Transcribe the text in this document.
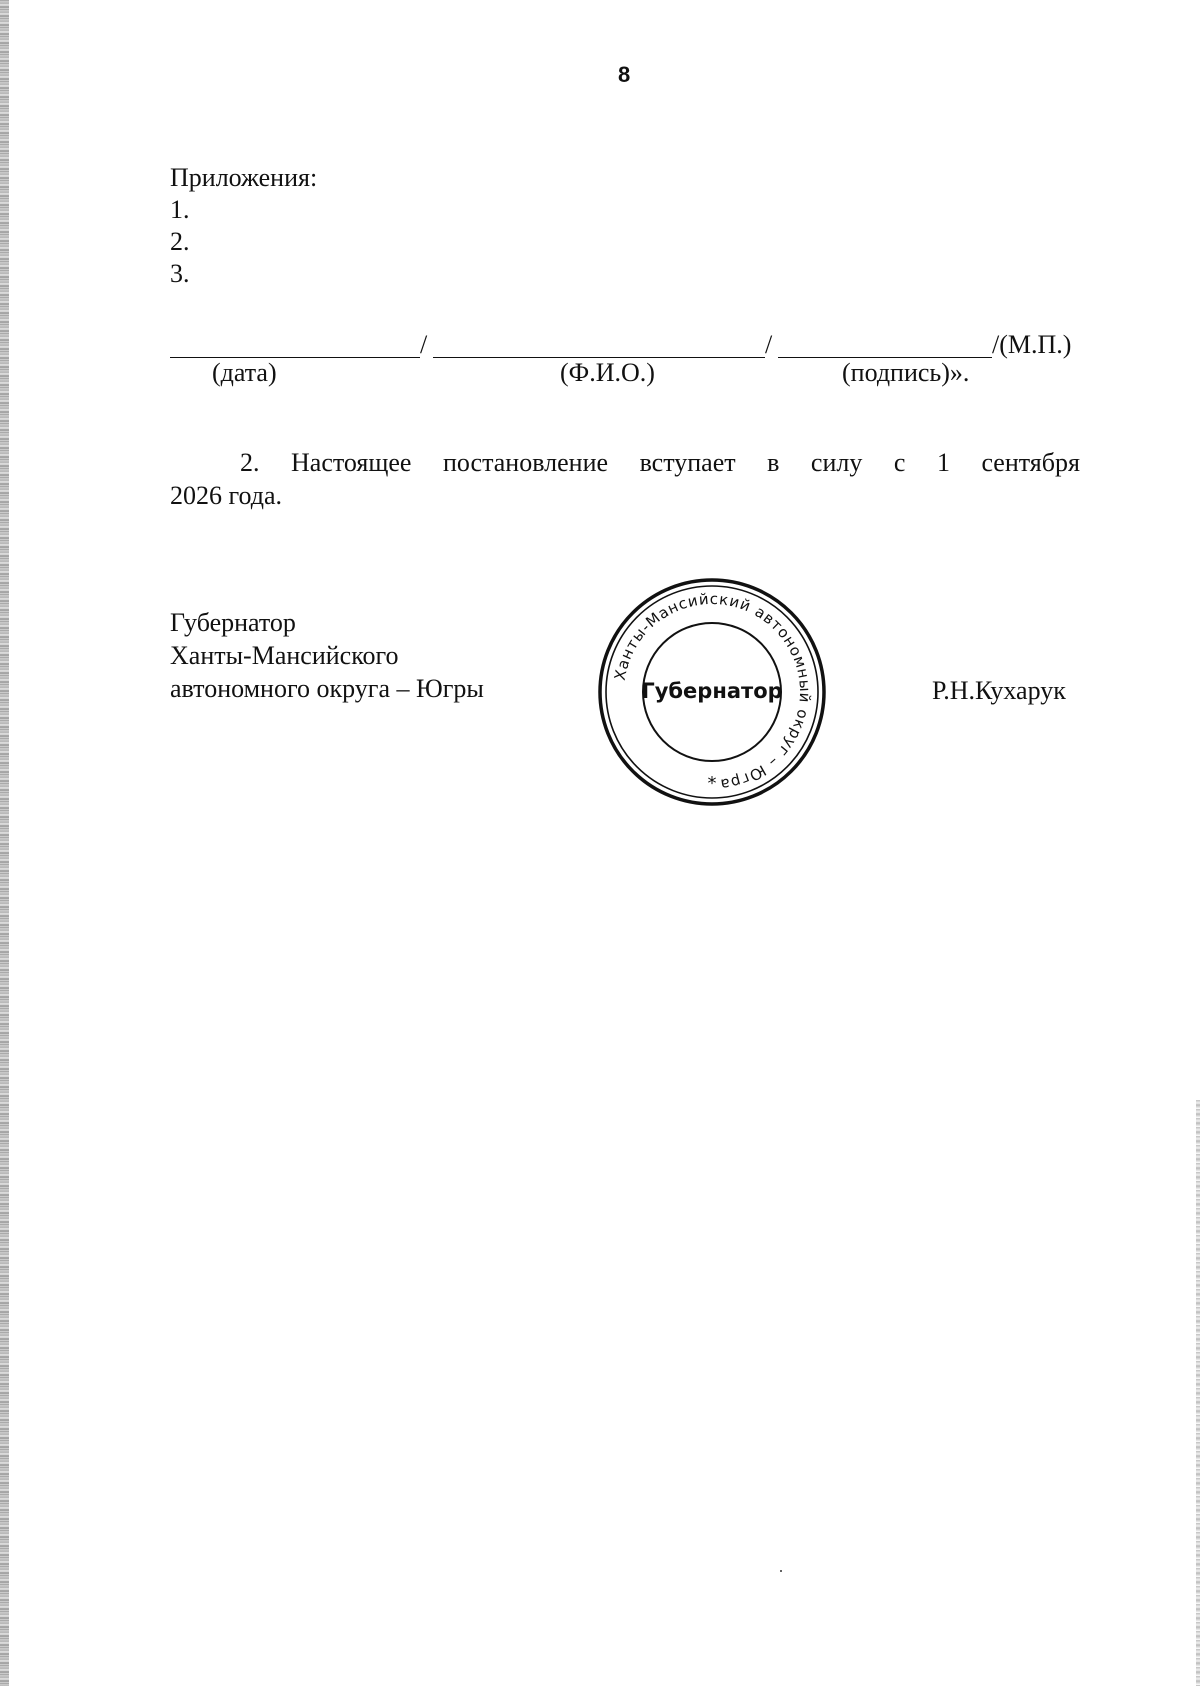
8
Приложения:
1.
2.
3.
/	/	/(М.П.)
(дата)	(Ф.И.О.)	(подпись)».
2. Настоящее постановление вступает в силу с 1 сентября
2026 года.
Губернатор
Ханты-Мансийского
автономного округа – Югры	Ханты-Мансийский автономный округ – Югра
Губернатор
*
Р.Н.Кухарук
